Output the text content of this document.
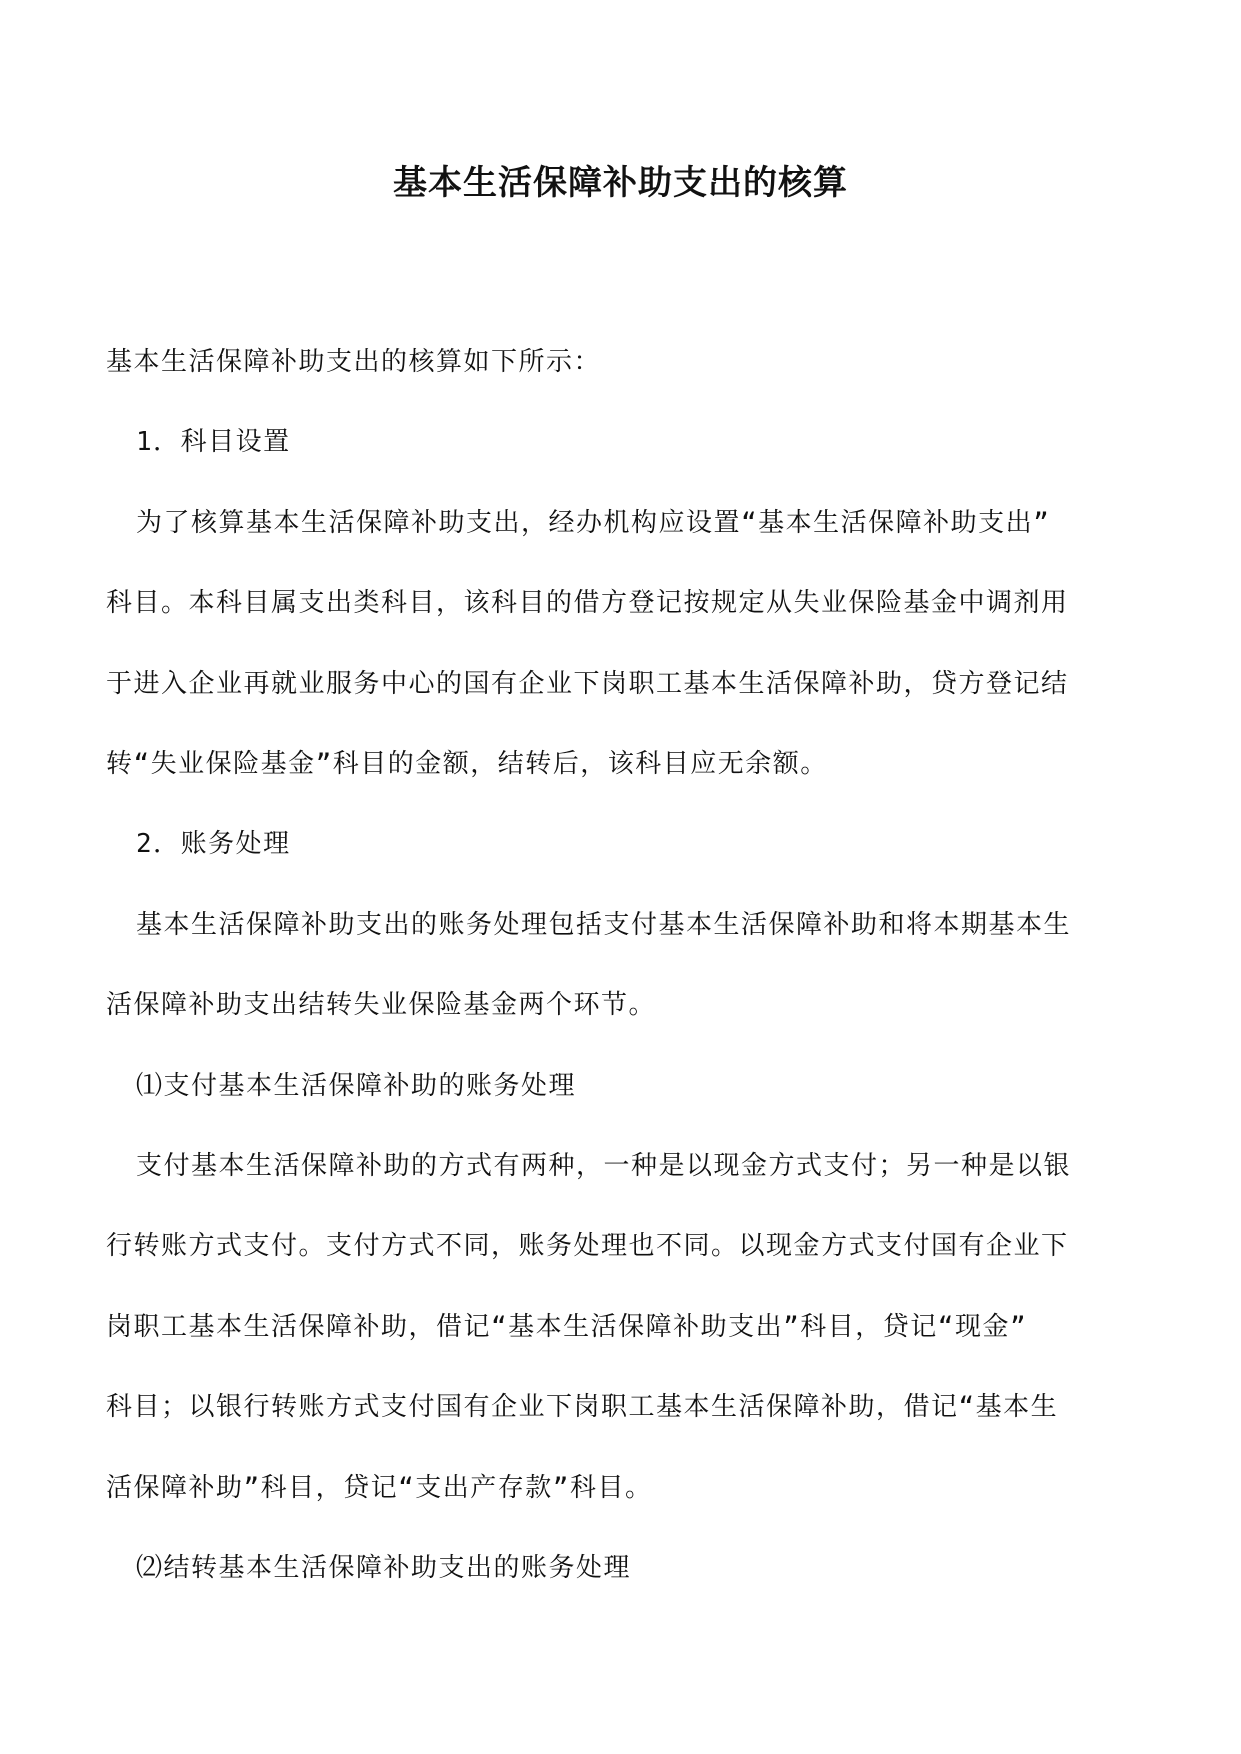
基本生活保障补助支出的核算
基本生活保障补助支出的核算如下所示：
1．科目设置
为了核算基本生活保障补助支出，经办机构应设置“基本生活保障补助支出”
科目。本科目属支出类科目，该科目的借方登记按规定从失业保险基金中调剂用
于进入企业再就业服务中心的国有企业下岗职工基本生活保障补助，贷方登记结
转“失业保险基金”科目的金额，结转后，该科目应无余额。
2．账务处理
基本生活保障补助支出的账务处理包括支付基本生活保障补助和将本期基本生
活保障补助支出结转失业保险基金两个环节。
⑴支付基本生活保障补助的账务处理
支付基本生活保障补助的方式有两种，一种是以现金方式支付；另一种是以银
行转账方式支付。支付方式不同，账务处理也不同。以现金方式支付国有企业下
岗职工基本生活保障补助，借记“基本生活保障补助支出”科目，贷记“现金”
科目；以银行转账方式支付国有企业下岗职工基本生活保障补助，借记“基本生
活保障补助”科目，贷记“支出产存款”科目。
⑵结转基本生活保障补助支出的账务处理
